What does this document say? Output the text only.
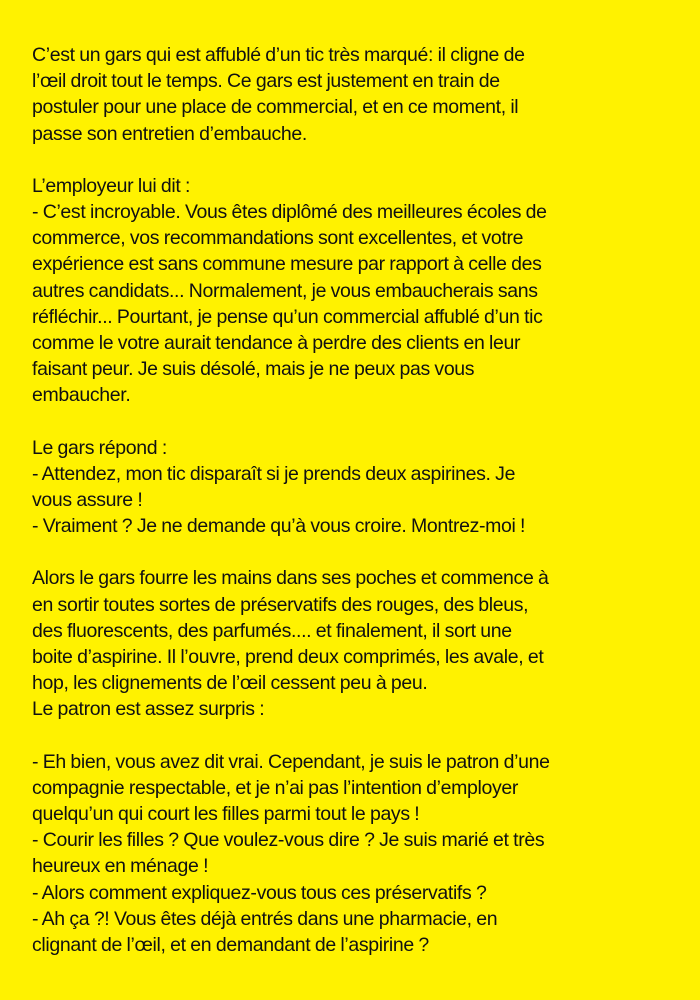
C’est un gars qui est affublé d’un tic très marqué: il cligne de
l’œil droit tout le temps. Ce gars est justement en train de
postuler pour une place de commercial, et en ce moment, il
passe son entretien d’embauche.

L’employeur lui dit :
- C’est incroyable. Vous êtes diplômé des meilleures écoles de
commerce, vos recommandations sont excellentes, et votre
expérience est sans commune mesure par rapport à celle des
autres candidats... Normalement, je vous embaucherais sans
réfléchir... Pourtant, je pense qu’un commercial affublé d’un tic
comme le votre aurait tendance à perdre des clients en leur
faisant peur. Je suis désolé, mais je ne peux pas vous
embaucher.

Le gars répond :
- Attendez, mon tic disparaît si je prends deux aspirines. Je
vous assure !
- Vraiment ? Je ne demande qu’à vous croire. Montrez-moi !

Alors le gars fourre les mains dans ses poches et commence à
en sortir toutes sortes de préservatifs des rouges, des bleus,
des fluorescents, des parfumés.... et finalement, il sort une
boite d’aspirine. Il l’ouvre, prend deux comprimés, les avale, et
hop, les clignements de l’œil cessent peu à peu.
Le patron est assez surpris :

- Eh bien, vous avez dit vrai. Cependant, je suis le patron d’une
compagnie respectable, et je n’ai pas l’intention d’employer
quelqu’un qui court les filles parmi tout le pays !
- Courir les filles ? Que voulez-vous dire ? Je suis marié et très
heureux en ménage !
- Alors comment expliquez-vous tous ces préservatifs ?
- Ah ça ?! Vous êtes déjà entrés dans une pharmacie, en
clignant de l’œil, et en demandant de l’aspirine ?
